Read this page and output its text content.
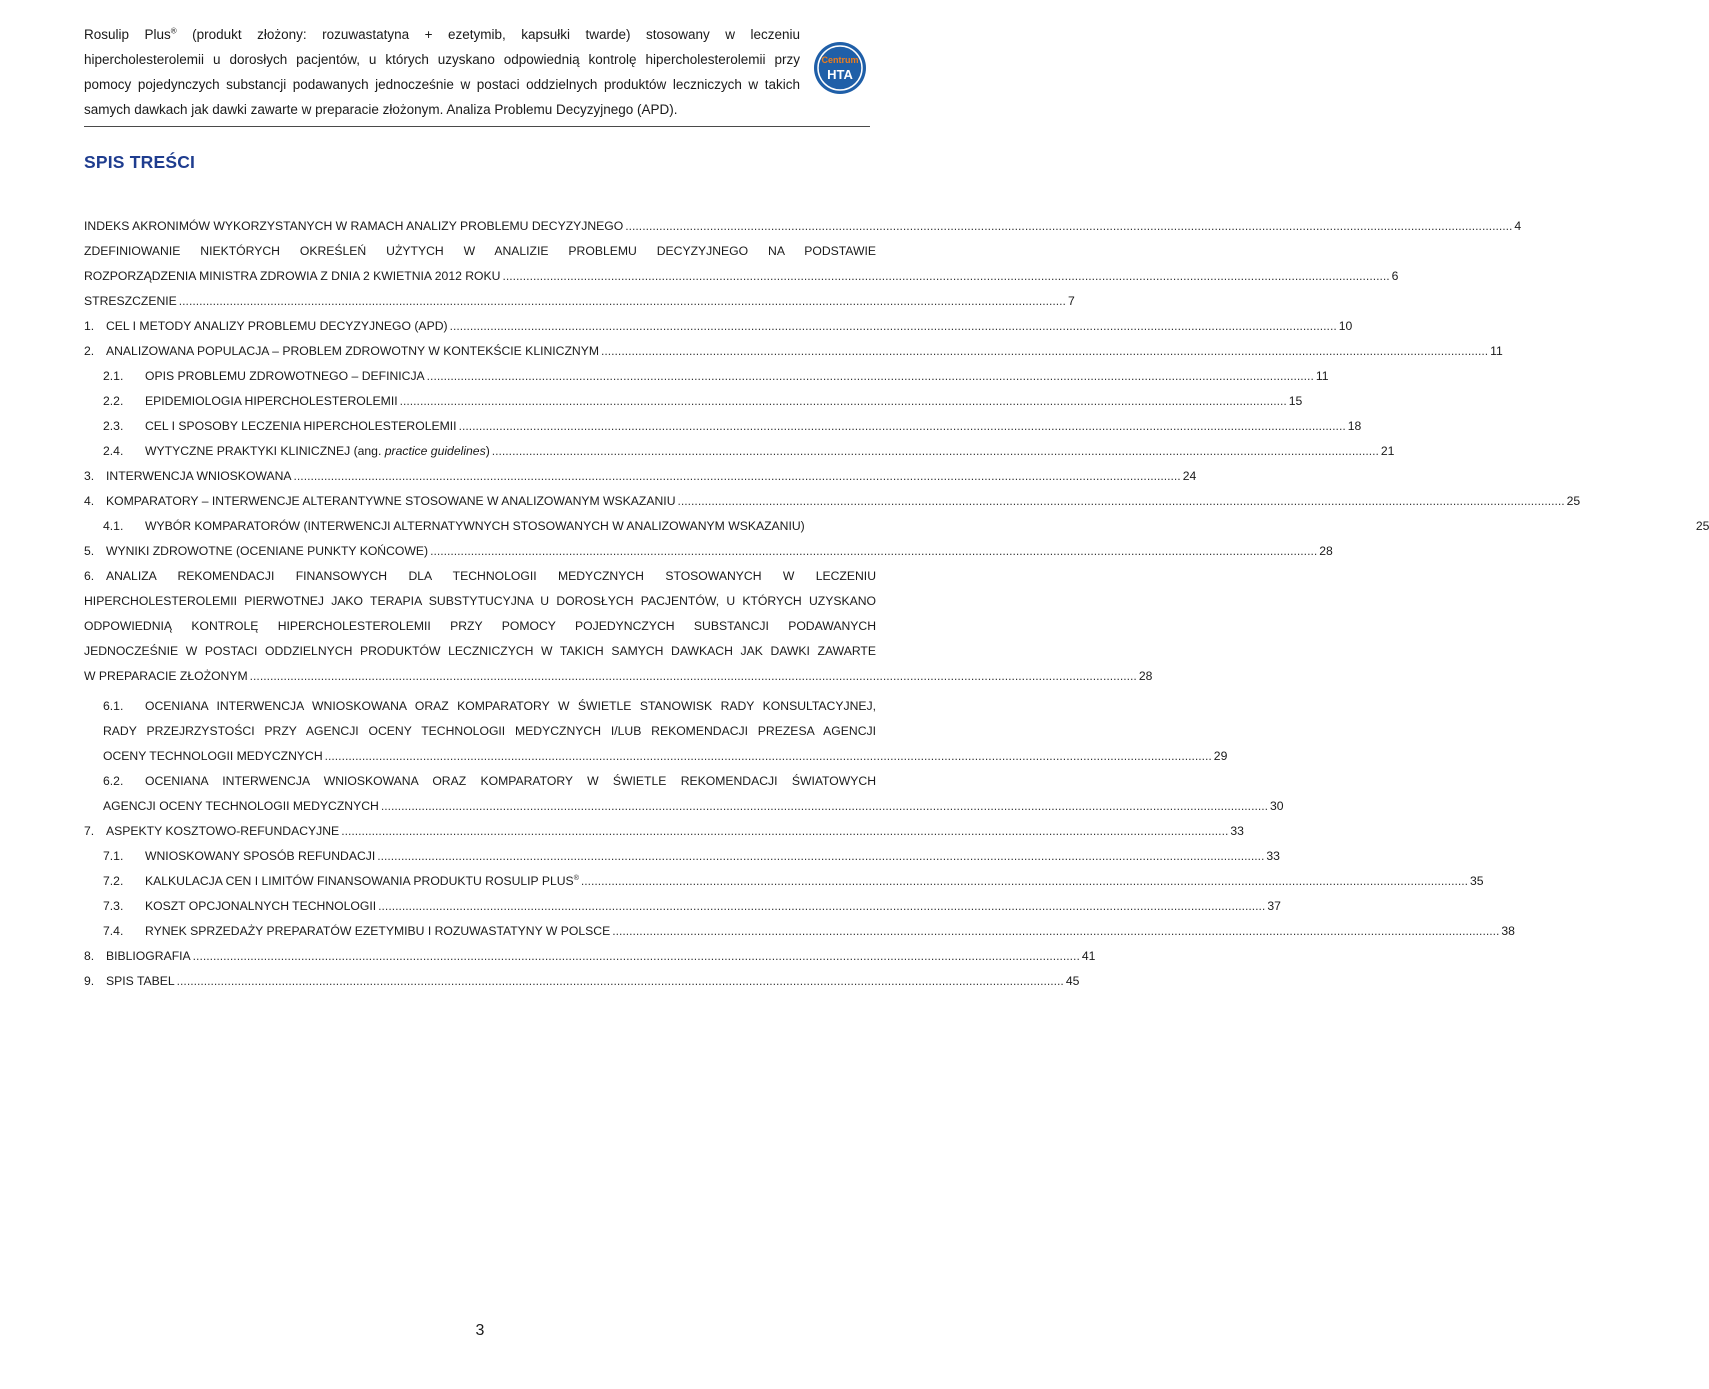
Rosulip Plus® (produkt złożony: rozuwastatyna + ezetymib, kapsułki twarde) stosowany w leczeniu
hipercholesterolemii u dorosłych pacjentów, u których uzyskano odpowiednią kontrolę hipercholesterolemii przy
pomocy pojedynczych substancji podawanych jednocześnie w postaci oddzielnych produktów leczniczych w takich
samych dawkach jak dawki zawarte w preparacie złożonym. Analiza Problemu Decyzyjnego (APD).
Centrum
HTA
SPIS TREŚCI
INDEKS AKRONIMÓW WYKORZYSTANYCH W RAMACH ANALIZY PROBLEMU DECYZYJNEGO .....	4
ZDEFINIOWANIE NIEKTÓRYCH OKREŚLEŃ UŻYTYCH W ANALIZIE PROBLEMU DECYZYJNEGO NA PODSTAWIE
ROZPORZĄDZENIA MINISTRA ZDROWIA Z DNIA 2 KWIETNIA 2012 ROKU .....	6
STRESZCZENIE .....	7
1. CEL I METODY ANALIZY PROBLEMU DECYZYJNEGO (APD) .....	10
2. ANALIZOWANA POPULACJA – PROBLEM ZDROWOTNY W KONTEKŚCIE KLINICZNYM .....	11
2.1. OPIS PROBLEMU ZDROWOTNEGO – DEFINICJA .....	11
2.2. EPIDEMIOLOGIA HIPERCHOLESTEROLEMII .....	15
2.3. CEL I SPOSOBY LECZENIA HIPERCHOLESTEROLEMII .....	18
2.4. WYTYCZNE PRAKTYKI KLINICZNEJ (ang. practice guidelines) .....	21
3. INTERWENCJA WNIOSKOWANA .....	24
4. KOMPARATORY – INTERWENCJE ALTERANTYWNE STOSOWANE W ANALIZOWANYM WSKAZANIU .....	25
4.1. WYBÓR KOMPARATORÓW (INTERWENCJI ALTERNATYWNYCH STOSOWANYCH W ANALIZOWANYM WSKAZANIU)	25
5. WYNIKI ZDROWOTNE (OCENIANE PUNKTY KOŃCOWE) .....	28
6. ANALIZA REKOMENDACJI FINANSOWYCH DLA TECHNOLOGII MEDYCZNYCH STOSOWANYCH W LECZENIU
HIPERCHOLESTEROLEMII PIERWOTNEJ JAKO TERAPIA SUBSTYTUCYJNA U DOROSŁYCH PACJENTÓW, U KTÓRYCH UZYSKANO
ODPOWIEDNIĄ KONTROLĘ HIPERCHOLESTEROLEMII PRZY POMOCY POJEDYNCZYCH SUBSTANCJI PODAWANYCH
JEDNOCZEŚNIE W POSTACI ODDZIELNYCH PRODUKTÓW LECZNICZYCH W TAKICH SAMYCH DAWKACH JAK DAWKI ZAWARTE
W PREPARACIE ZŁOŻONYM .....	28
6.1.	OCENIANA INTERWENCJA WNIOSKOWANA ORAZ KOMPARATORY W ŚWIETLE STANOWISK RADY KONSULTACYJNEJ,
RADY PRZEJRZYSTOŚCI PRZY AGENCJI OCENY TECHNOLOGII MEDYCZNYCH I/LUB REKOMENDACJI PREZESA AGENCJI
OCENY TECHNOLOGII MEDYCZNYCH .....	29
6.2.	OCENIANA INTERWENCJA WNIOSKOWANA ORAZ KOMPARATORY W ŚWIETLE REKOMENDACJI ŚWIATOWYCH
AGENCJI OCENY TECHNOLOGII MEDYCZNYCH .....	30
7. ASPEKTY KOSZTOWO-REFUNDACYJNE .....	33
7.1. WNIOSKOWANY SPOSÓB REFUNDACJI .....	33
7.2. KALKULACJA CEN I LIMITÓW FINANSOWANIA PRODUKTU ROSULIP PLUS® .....	35
7.3. KOSZT OPCJONALNYCH TECHNOLOGII .....	37
7.4. RYNEK SPRZEDAŻY PREPARATÓW EZETYMIBU I ROZUWASTATYNY W POLSCE .....	38
8. BIBLIOGRAFIA .....	41
9. SPIS TABEL .....	45
3
